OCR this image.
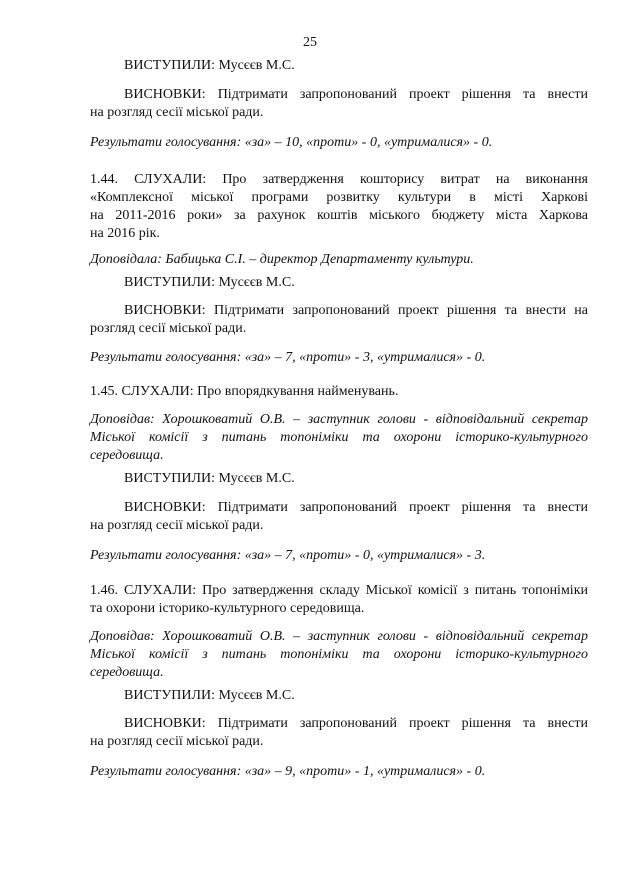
25
ВИСТУПИЛИ: Мусєєв М.С.
ВИСНОВКИ: Підтримати запропонований проект рішення та внести
на розгляд сесії міської ради.
Результати голосування: «за» – 10, «проти» - 0, «утрималися» - 0.
1.44. СЛУХАЛИ: Про затвердження кошторису витрат на виконання
«Комплексної міської програми розвитку культури в місті Харкові
на 2011-2016 роки» за рахунок коштів міського бюджету міста Харкова
на 2016 рік.
Доповідала: Бабицька С.І. – директор Департаменту культури.
ВИСТУПИЛИ: Мусєєв М.С.
ВИСНОВКИ: Підтримати запропонований проект рішення та внести на
розгляд сесії міської ради.
Результати голосування: «за» – 7, «проти» - 3, «утрималися» - 0.
1.45. СЛУХАЛИ: Про впорядкування найменувань.
Доповідав: Хорошковатий О.В. – заступник голови - відповідальний секретар
Міської комісії з питань топоніміки та охорони історико-культурного
середовища.
ВИСТУПИЛИ: Мусєєв М.С.
ВИСНОВКИ: Підтримати запропонований проект рішення та внести
на розгляд сесії міської ради.
Результати голосування: «за» – 7, «проти» - 0, «утрималися» - 3.
1.46. СЛУХАЛИ: Про затвердження складу Міської комісії з питань топоніміки
та охорони історико-культурного середовища.
Доповідав: Хорошковатий О.В. – заступник голови - відповідальний секретар
Міської комісії з питань топоніміки та охорони історико-культурного
середовища.
ВИСТУПИЛИ: Мусєєв М.С.
ВИСНОВКИ: Підтримати запропонований проект рішення та внести
на розгляд сесії міської ради.
Результати голосування: «за» – 9, «проти» - 1, «утрималися» - 0.
